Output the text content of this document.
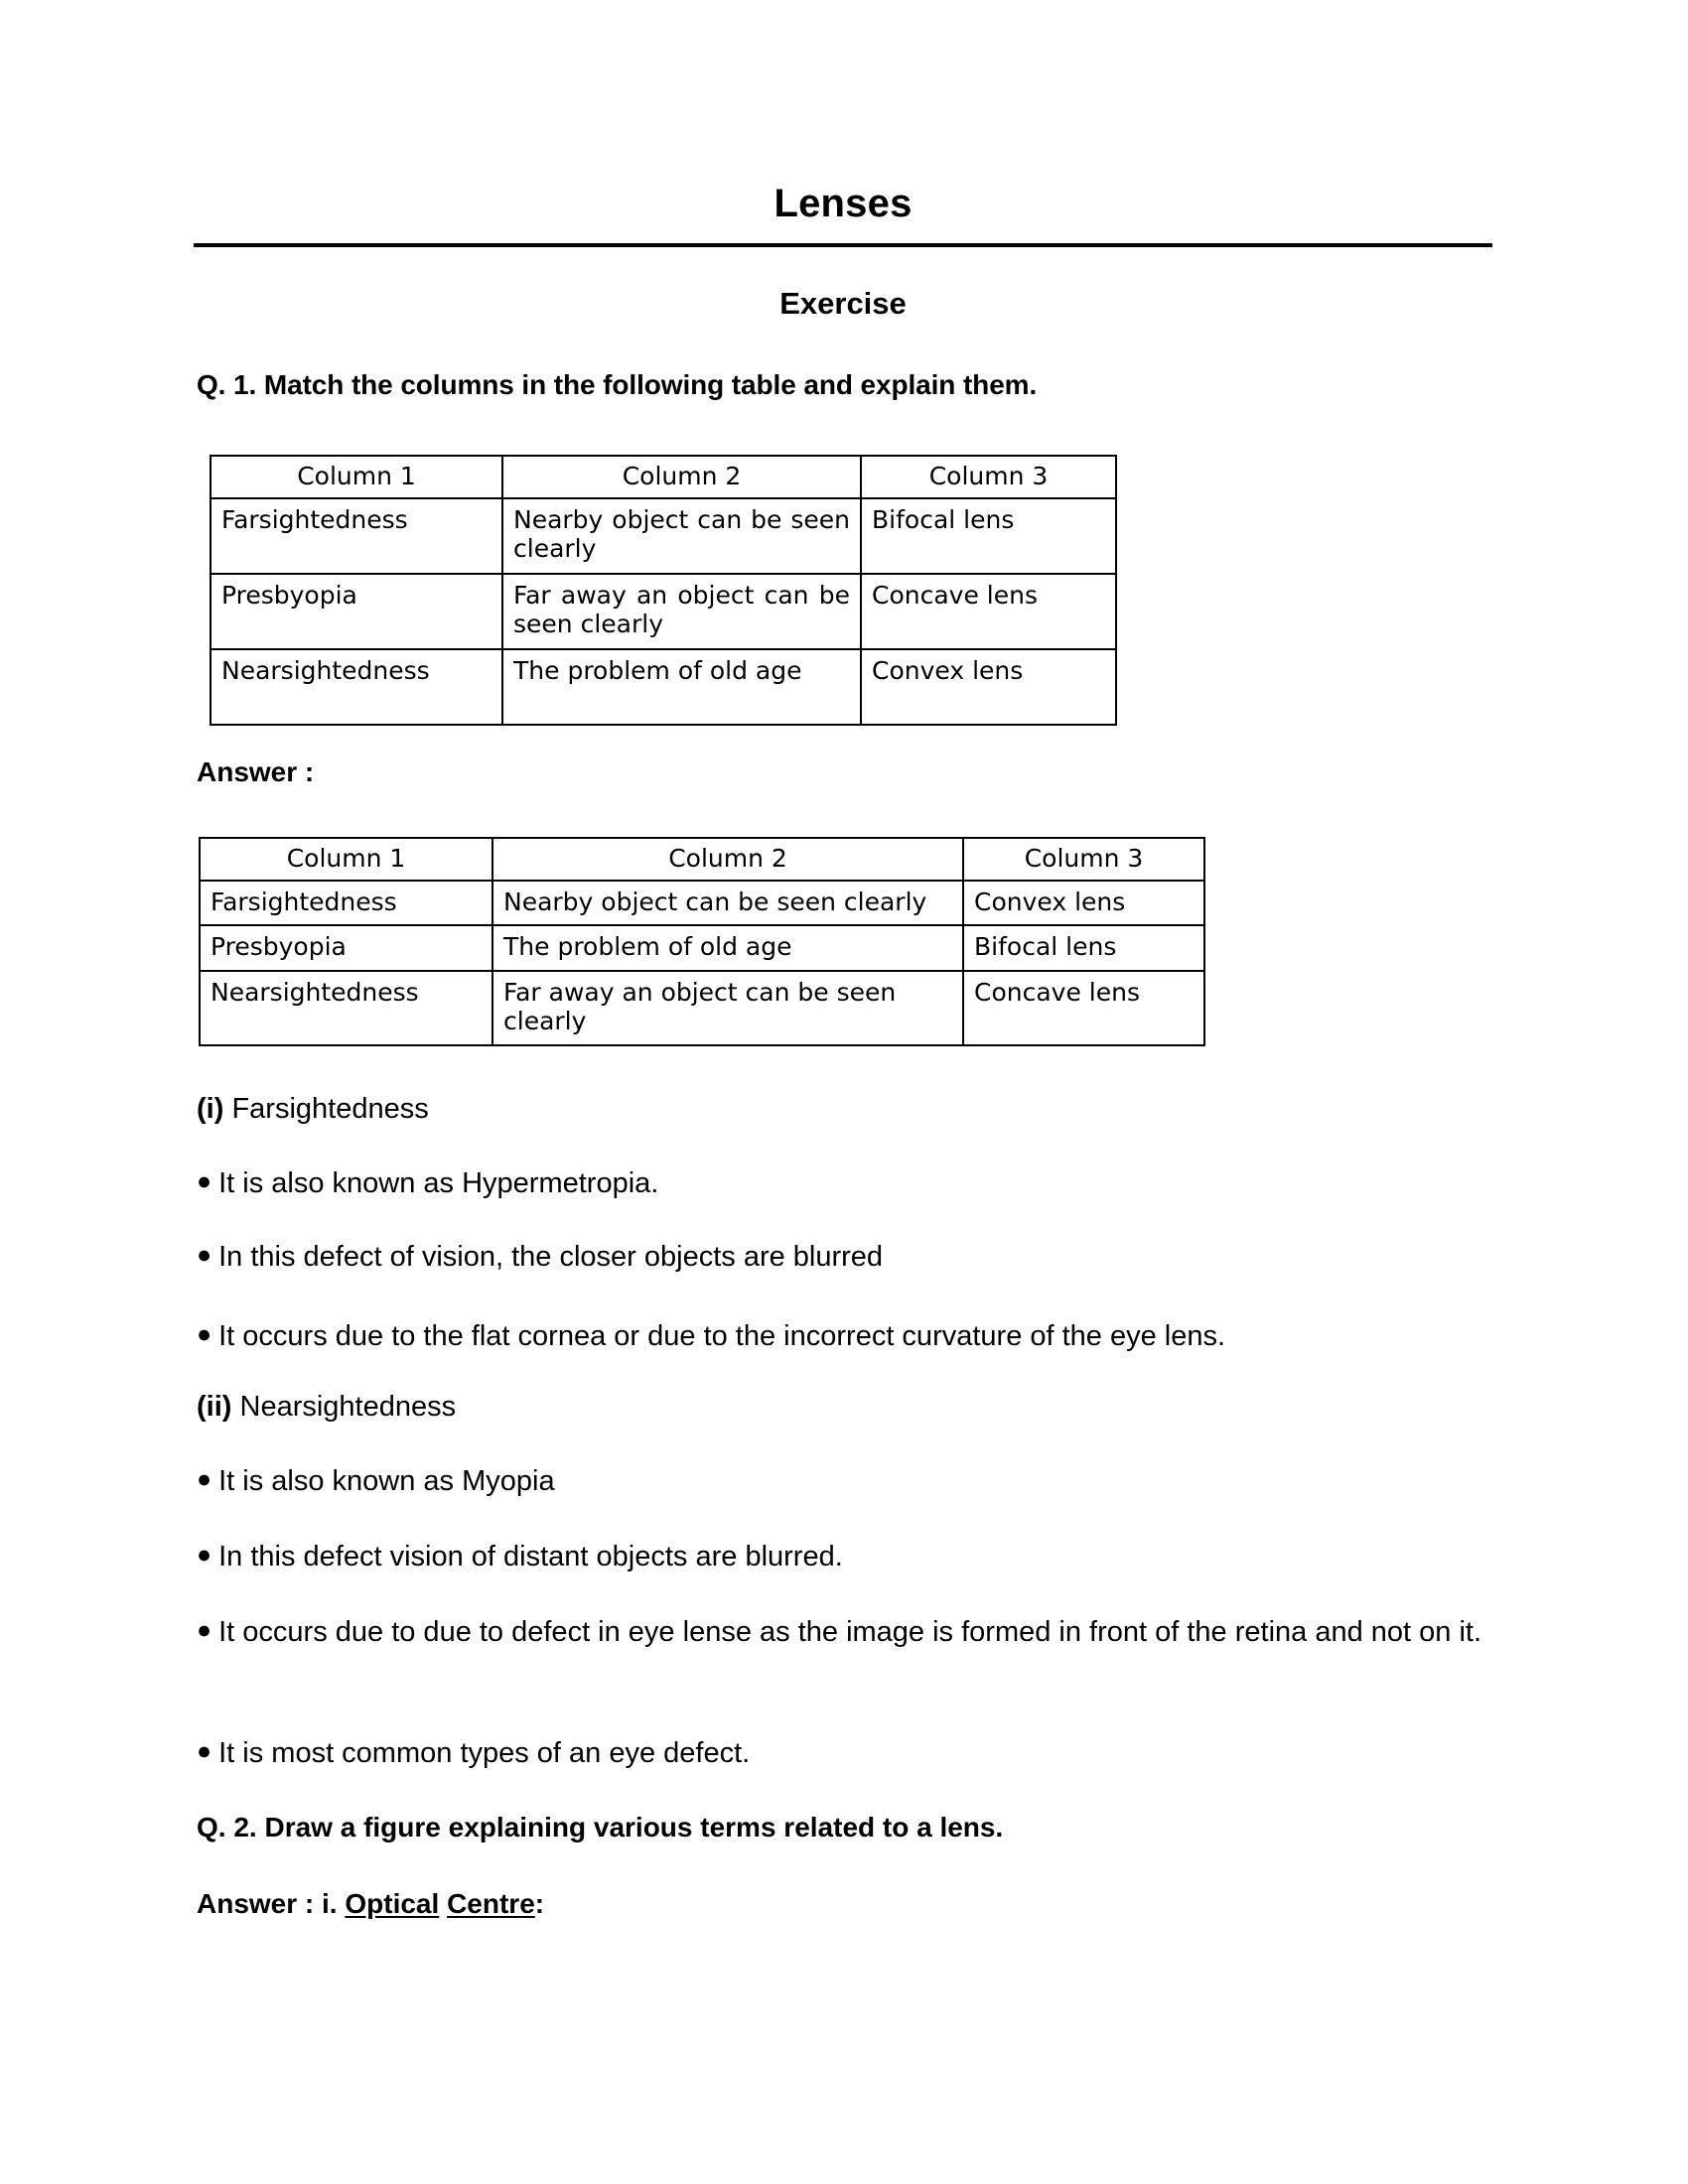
Lenses
Exercise
Q. 1. Match the columns in the following table and explain them.
Column 1	Column 2	Column 3
Farsightedness	Nearby object can be seen clearly	Bifocal lens
Presbyopia	Far away an object can be seen clearly	Concave lens
Nearsightedness	The problem of old age	Convex lens
Answer :
Column 1	Column 2	Column 3
Farsightedness	Nearby object can be seen clearly	Convex lens
Presbyopia	The problem of old age	Bifocal lens
Nearsightedness	Far away an object can be seen clearly	Concave lens
(i) Farsightedness
● It is also known as Hypermetropia.
● In this defect of vision, the closer objects are blurred
● It occurs due to the flat cornea or due to the incorrect curvature of the eye lens.
(ii) Nearsightedness
● It is also known as Myopia
● In this defect vision of distant objects are blurred.
● It occurs due to due to defect in eye lense as the image is formed in front of the retina and not on it.
● It is most common types of an eye defect.
Q. 2. Draw a figure explaining various terms related to a lens.
Answer : i. Optical Centre:
